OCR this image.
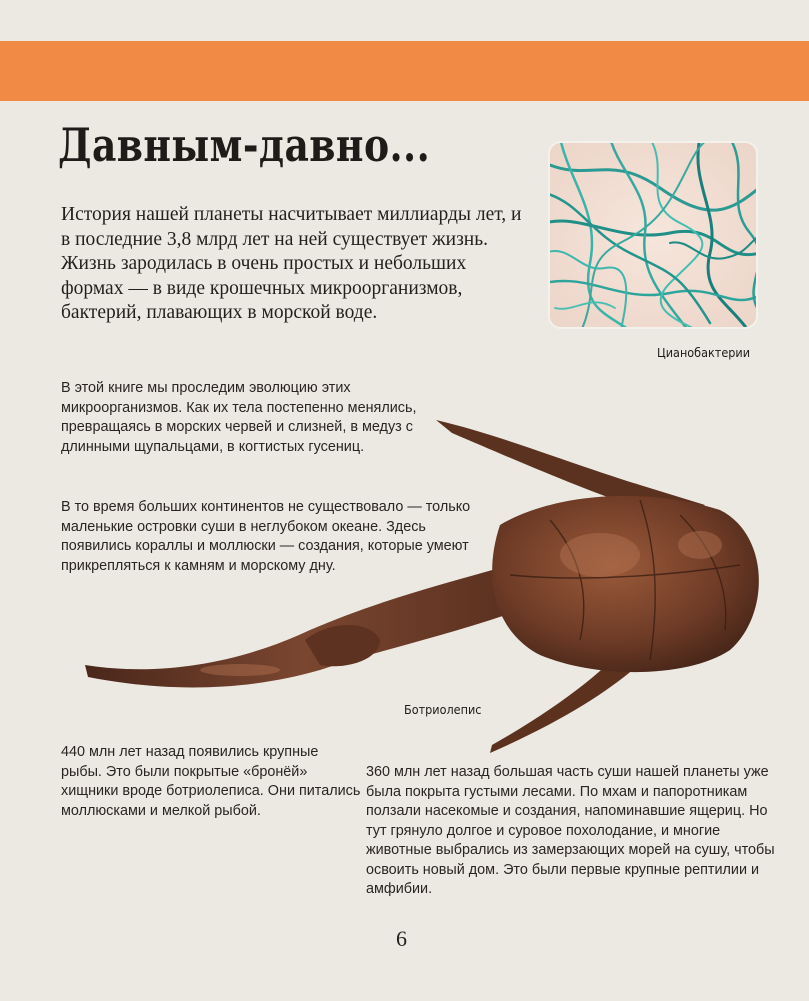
Давным-давно...

История нашей планеты насчитывает миллиарды лет, и в последние 3,8 млрд лет на ней существует жизнь. Жизнь зародилась в очень простых и небольших формах — в виде крошечных микроорганизмов, бактерий, плавающих в морской воде.

Цианобактерии

В этой книге мы проследим эволюцию этих микроорганизмов. Как их тела постепенно менялись, превращаясь в морских червей и слизней, в медуз с длинными щупальцами, в когтистых гусениц.

В то время больших континентов не существовало — только маленькие островки суши в неглубоком океане. Здесь появились кораллы и моллюски — создания, которые умеют прикрепляться к камням и морскому дну.

Ботриолепис

440 млн лет назад появились крупные рыбы. Это были покрытые «бронёй» хищники вроде ботриолеписа. Они питались моллюсками и мелкой рыбой.

360 млн лет назад большая часть суши нашей планеты уже была покрыта густыми лесами. По мхам и папоротникам ползали насекомые и создания, напоминавшие ящериц. Но тут грянуло долгое и суровое похолодание, и многие животные выбрались из замерзающих морей на сушу, чтобы освоить новый дом. Это были первые крупные рептилии и амфибии.

6
